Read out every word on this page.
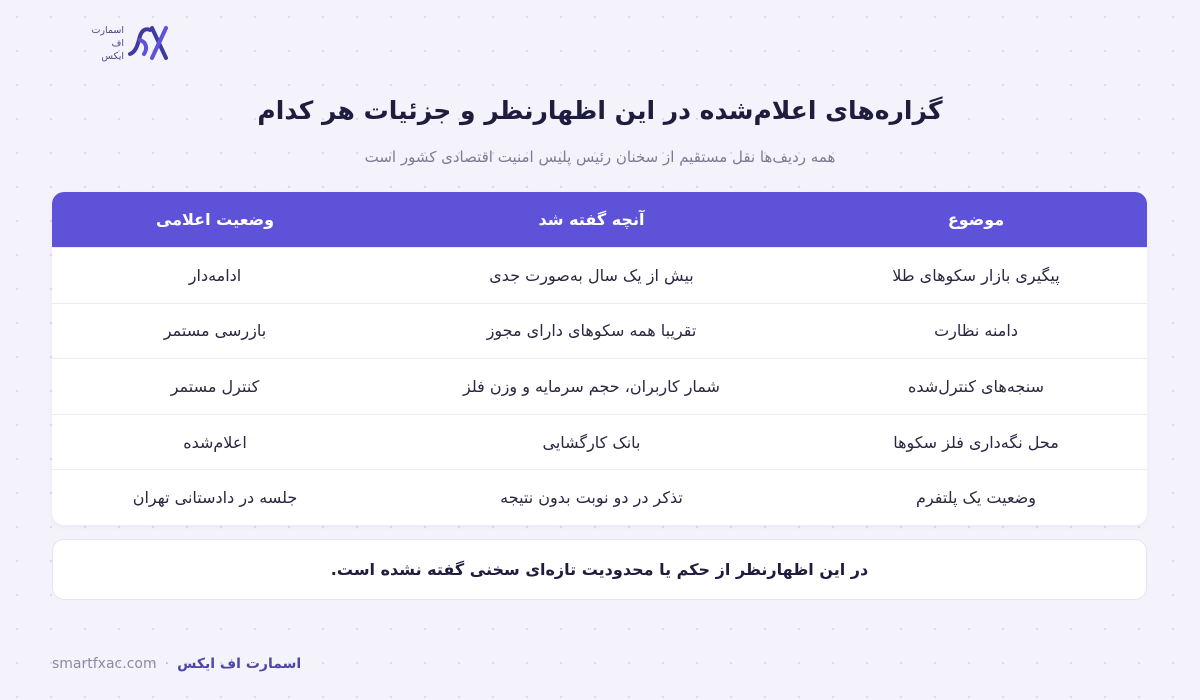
اسمارت
اف
ایکس
گزاره‌های اعلام‌شده در این اظهارنظر و جزئیات هر کدام
همه ردیف‌ها نقل مستقیم از سخنان رئیس پلیس امنیت اقتصادی کشور است
موضوع
آنچه گفته شد
وضعیت اعلامی
پیگیری بازار سکوهای طلا
بیش از یک سال به‌صورت جدی
ادامه‌دار
دامنه نظارت
تقریبا همه سکوهای دارای مجوز
بازرسی مستمر
سنجه‌های کنترل‌شده
شمار کاربران، حجم سرمایه و وزن فلز
کنترل مستمر
محل نگه‌داری فلز سکوها
بانک کارگشایی
اعلام‌شده
وضعیت یک پلتفرم
تذکر در دو نوبت بدون نتیجه
جلسه در دادستانی تهران
در این اظهارنظر از حکم یا محدودیت تازه‌ای سخنی گفته نشده است.
smartfxac.com · اسمارت اف ایکس
